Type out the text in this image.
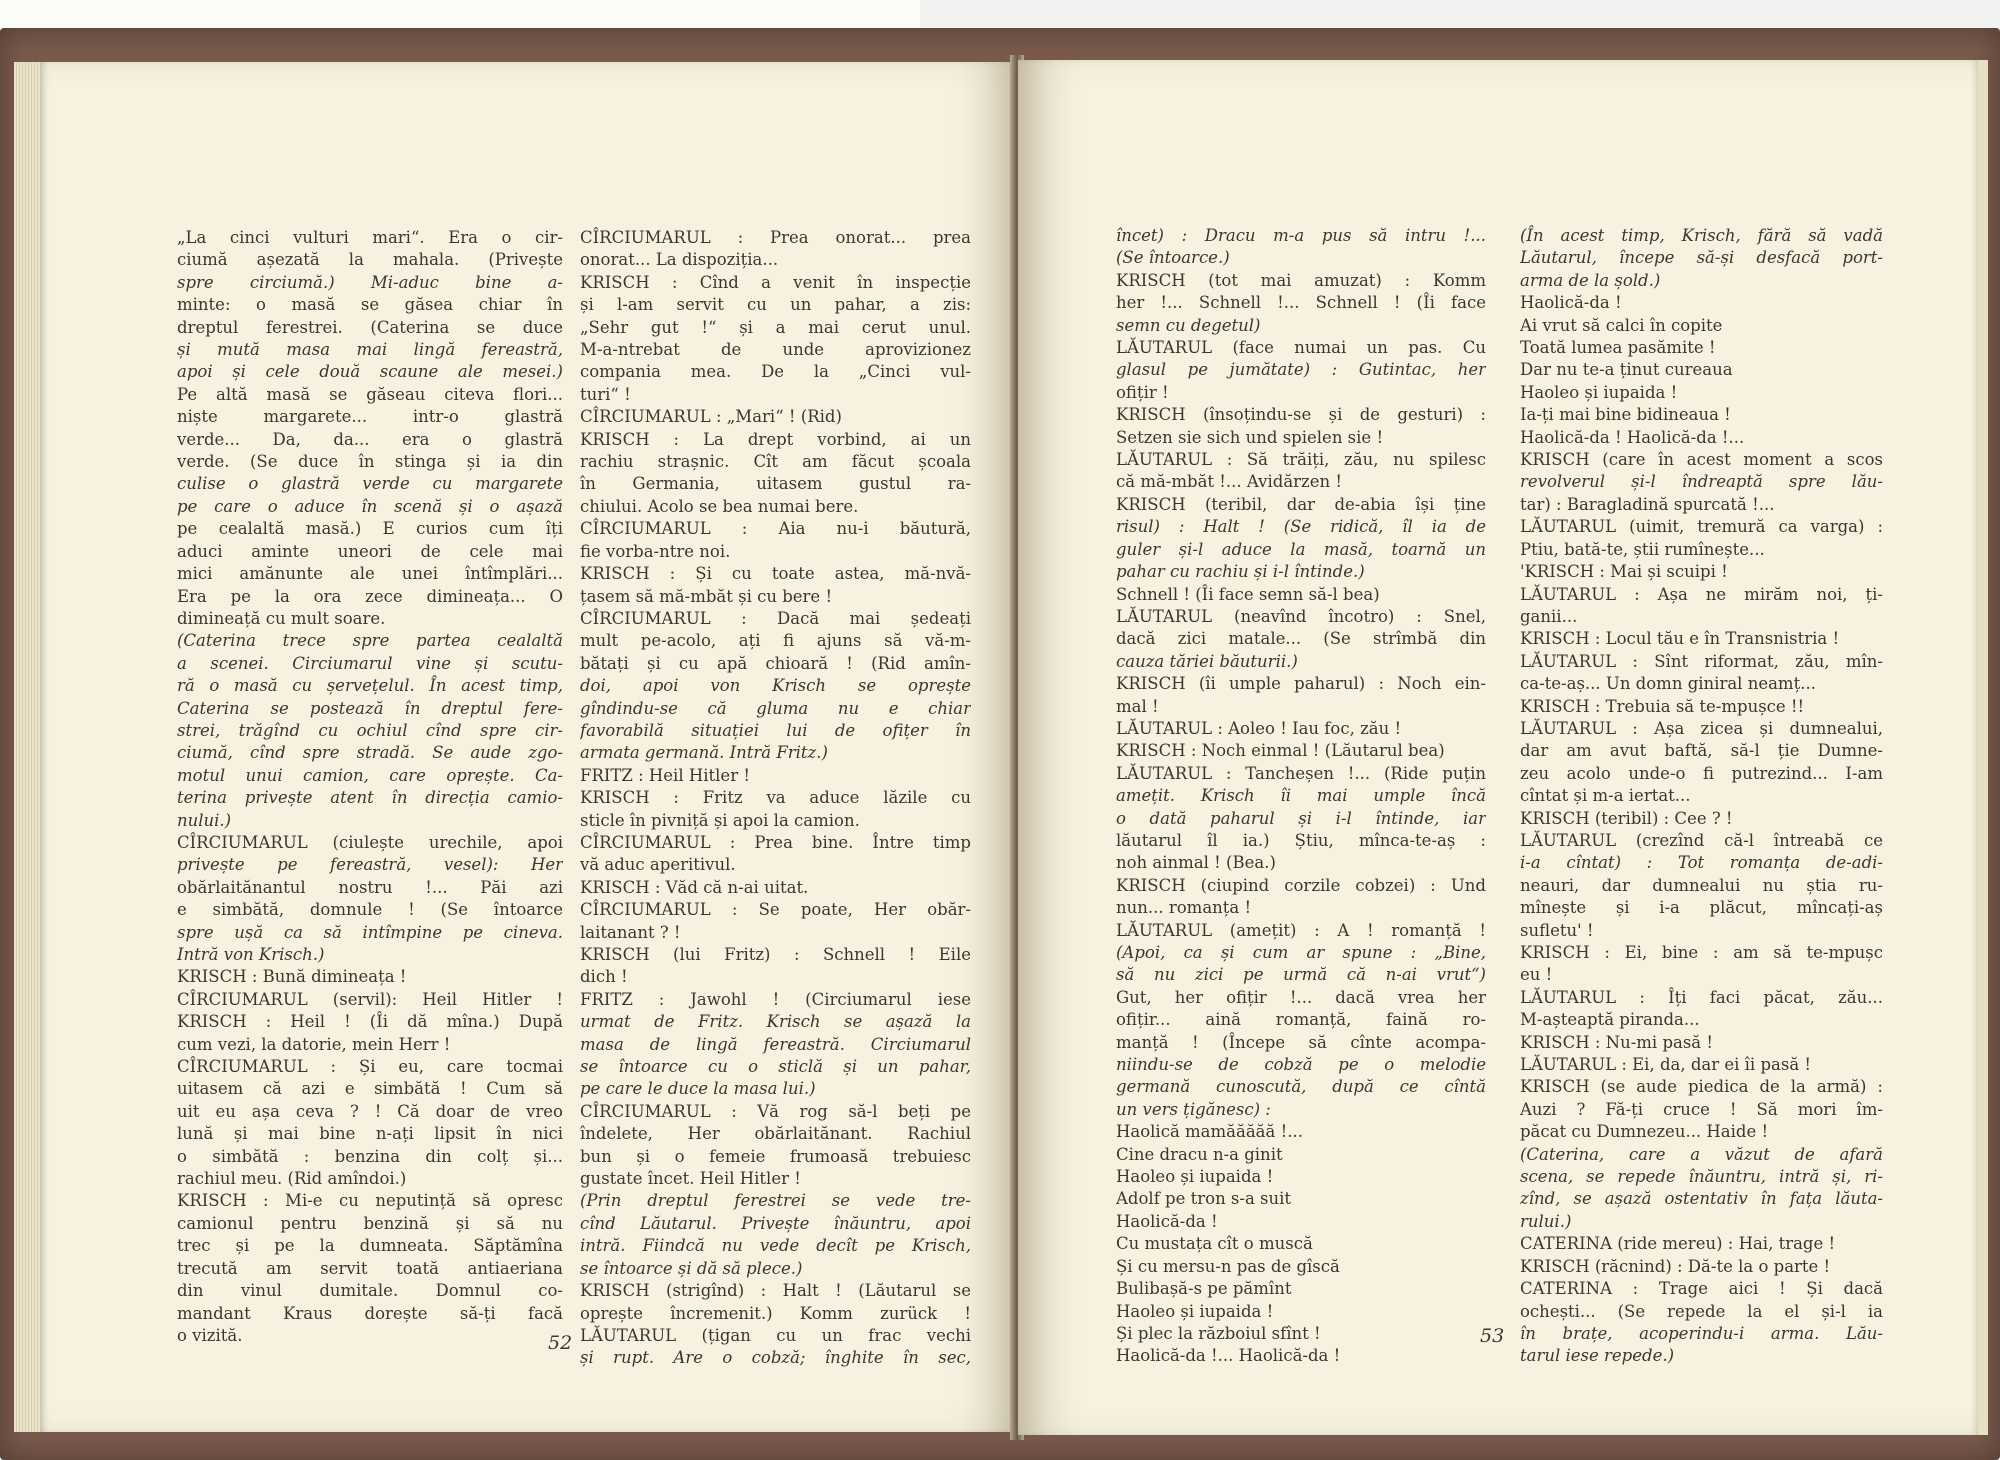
„La cinci vulturi mari“. Era o cir-
ciumă așezată la mahala. (Privește
spre circiumă.) Mi-aduc bine a-
minte: o masă se găsea chiar în
dreptul ferestrei. (Caterina se duce
și mută masa mai lingă fereastră,
apoi și cele două scaune ale mesei.)
Pe altă masă se găseau citeva flori...
niște margarete... intr-o glastră
verde... Da, da... era o glastră
verde. (Se duce în stinga și ia din
culise o glastră verde cu margarete
pe care o aduce în scenă și o așază
pe cealaltă masă.) E curios cum îți
aduci aminte uneori de cele mai
mici amănunte ale unei întîmplări...
Era pe la ora zece dimineața... O
dimineață cu mult soare.
(Caterina trece spre partea cealaltă
a scenei. Circiumarul vine și scutu-
ră o masă cu șervețelul. În acest timp,
Caterina se postează în dreptul fere-
strei, trăgînd cu ochiul cînd spre cir-
ciumă, cînd spre stradă. Se aude zgo-
motul unui camion, care oprește. Ca-
terina privește atent în direcția camio-
nului.)
CÎRCIUMARUL (ciulește urechile, apoi
privește pe fereastră, vesel): Her
obărlaitănantul nostru !... Păi azi
e simbătă, domnule ! (Se întoarce
spre ușă ca să intîmpine pe cineva.
Intră von Krisch.)
KRISCH : Bună dimineața !
CÎRCIUMARUL (servil): Heil Hitler !
KRISCH : Heil ! (Îi dă mîna.) După
cum vezi, la datorie, mein Herr !
CÎRCIUMARUL : Și eu, care tocmai
uitasem că azi e simbătă ! Cum să
uit eu așa ceva ? ! Că doar de vreo
lună și mai bine n-ați lipsit în nici
o simbătă : benzina din colț și...
rachiul meu. (Rid amîndoi.)
KRISCH : Mi-e cu neputință să opresc
camionul pentru benzină și să nu
trec și pe la dumneata. Săptămîna
trecută am servit toată antiaeriana
din vinul dumitale. Domnul co-
mandant Kraus dorește să-ți facă
o vizită.
CÎRCIUMARUL : Prea onorat... prea
onorat... La dispoziția...
KRISCH : Cînd a venit în inspecție
și l-am servit cu un pahar, a zis:
„Sehr gut !“ și a mai cerut unul.
M-a-ntrebat de unde aprovizionez
compania mea. De la „Cinci vul-
turi“ !
CÎRCIUMARUL : „Mari“ ! (Rid)
KRISCH : La drept vorbind, ai un
rachiu strașnic. Cît am făcut școala
în Germania, uitasem gustul ra-
chiului. Acolo se bea numai bere.
CÎRCIUMARUL : Aia nu-i băutură,
fie vorba-ntre noi.
KRISCH : Și cu toate astea, mă-nvă-
țasem să mă-mbăt și cu bere !
CÎRCIUMARUL : Dacă mai ședeați
mult pe-acolo, ați fi ajuns să vă-m-
bătați și cu apă chioară ! (Rid amîn-
doi, apoi von Krisch se oprește
gîndindu-se că gluma nu e chiar
favorabilă situației lui de ofițer în
armata germană. Intră Fritz.)
FRITZ : Heil Hitler !
KRISCH : Fritz va aduce lăzile cu
sticle în pivniță și apoi la camion.
CÎRCIUMARUL : Prea bine. Între timp
vă aduc aperitivul.
KRISCH : Văd că n-ai uitat.
CÎRCIUMARUL : Se poate, Her obăr-
laitanant ? !
KRISCH (lui Fritz) : Schnell ! Eile
dich !
FRITZ : Jawohl ! (Circiumarul iese
urmat de Fritz. Krisch se așază la
masa de lingă fereastră. Circiumarul
se întoarce cu o sticlă și un pahar,
pe care le duce la masa lui.)
CÎRCIUMARUL : Vă rog să-l beți pe
îndelete, Her obărlaitănant. Rachiul
bun și o femeie frumoasă trebuiesc
gustate încet. Heil Hitler !
(Prin dreptul ferestrei se vede tre-
cînd Lăutarul. Privește înăuntru, apoi
intră. Fiindcă nu vede decît pe Krisch,
se întoarce și dă să plece.)
KRISCH (strigînd) : Halt ! (Lăutarul se
oprește încremenit.) Komm zurück !
LĂUTARUL (țigan cu un frac vechi
și rupt. Are o cobză; înghite în sec,
52
încet) : Dracu m-a pus să intru !...
(Se întoarce.)
KRISCH (tot mai amuzat) : Komm
her !... Schnell !... Schnell ! (Îi face
semn cu degetul)
LĂUTARUL (face numai un pas. Cu
glasul pe jumătate) : Gutintac, her
ofițir !
KRISCH (însoțindu-se și de gesturi) :
Setzen sie sich und spielen sie !
LĂUTARUL : Să trăiți, zău, nu spilesc
că mă-mbăt !... Avidărzen !
KRISCH (teribil, dar de-abia își ține
risul) : Halt ! (Se ridică, îl ia de
guler și-l aduce la masă, toarnă un
pahar cu rachiu și i-l întinde.)
Schnell ! (Îi face semn să-l bea)
LĂUTARUL (neavînd încotro) : Snel,
dacă zici matale... (Se strîmbă din
cauza tăriei băuturii.)
KRISCH (îi umple paharul) : Noch ein-
mal !
LĂUTARUL : Aoleo ! Iau foc, zău !
KRISCH : Noch einmal ! (Lăutarul bea)
LĂUTARUL : Tancheșen !... (Ride puțin
amețit. Krisch îi mai umple încă
o dată paharul și i-l întinde, iar
lăutarul îl ia.) Știu, mînca-te-aș :
noh ainmal ! (Bea.)
KRISCH (ciupind corzile cobzei) : Und
nun... romanța !
LĂUTARUL (amețit) : A ! romanță !
(Apoi, ca și cum ar spune : „Bine,
să nu zici pe urmă că n-ai vrut“)
Gut, her ofițir !... dacă vrea her
ofițir... aină romanță, faină ro-
manță ! (Începe să cînte acompa-
niindu-se de cobză pe o melodie
germană cunoscută, după ce cîntă
un vers țigănesc) :
Haolică mamăăăăă !...
Cine dracu n-a ginit
Haoleo și iupaida !
Adolf pe tron s-a suit
Haolică-da !
Cu mustața cît o muscă
Și cu mersu-n pas de gîscă
Bulibașă-s pe pămînt
Haoleo și iupaida !
Și plec la războiul sfînt !
Haolică-da !... Haolică-da !
(În acest timp, Krisch, fără să vadă
Lăutarul, începe să-și desfacă port-
arma de la șold.)
Haolică-da !
Ai vrut să calci în copite
Toată lumea pasămite !
Dar nu te-a ținut cureaua
Haoleo și iupaida !
Ia-ți mai bine bidineaua !
Haolică-da ! Haolică-da !...
KRISCH (care în acest moment a scos
revolverul și-l îndreaptă spre lău-
tar) : Baragladină spurcată !...
LĂUTARUL (uimit, tremură ca varga) :
Ptiu, bată-te, știi rumînește...
'KRISCH : Mai și scuipi !
LĂUTARUL : Așa ne mirăm noi, ți-
ganii...
KRISCH : Locul tău e în Transnistria !
LĂUTARUL : Sînt riformat, zău, mîn-
ca-te-aș... Un domn giniral neamț...
KRISCH : Trebuia să te-mpușce !!
LĂUTARUL : Așa zicea și dumnealui,
dar am avut baftă, să-l ție Dumne-
zeu acolo unde-o fi putrezind... I-am
cîntat și m-a iertat...
KRISCH (teribil) : Cee ? !
LĂUTARUL (crezînd că-l întreabă ce
i-a cîntat) : Tot romanța de-adi-
neauri, dar dumnealui nu știa ru-
mînește și i-a plăcut, mîncați-aș
sufletu' !
KRISCH : Ei, bine : am să te-mpușc
eu !
LĂUTARUL : Îți faci păcat, zău...
M-așteaptă piranda...
KRISCH : Nu-mi pasă !
LĂUTARUL : Ei, da, dar ei îi pasă !
KRISCH (se aude piedica de la armă) :
Auzi ? Fă-ți cruce ! Să mori îm-
păcat cu Dumnezeu... Haide !
(Caterina, care a văzut de afară
scena, se repede înăuntru, intră și, ri-
zînd, se așază ostentativ în fața lăuta-
rului.)
CATERINA (ride mereu) : Hai, trage !
KRISCH (răcnind) : Dă-te la o parte !
CATERINA : Trage aici ! Și dacă
ochești... (Se repede la el și-l ia
în brațe, acoperindu-i arma. Lău-
tarul iese repede.)
53
